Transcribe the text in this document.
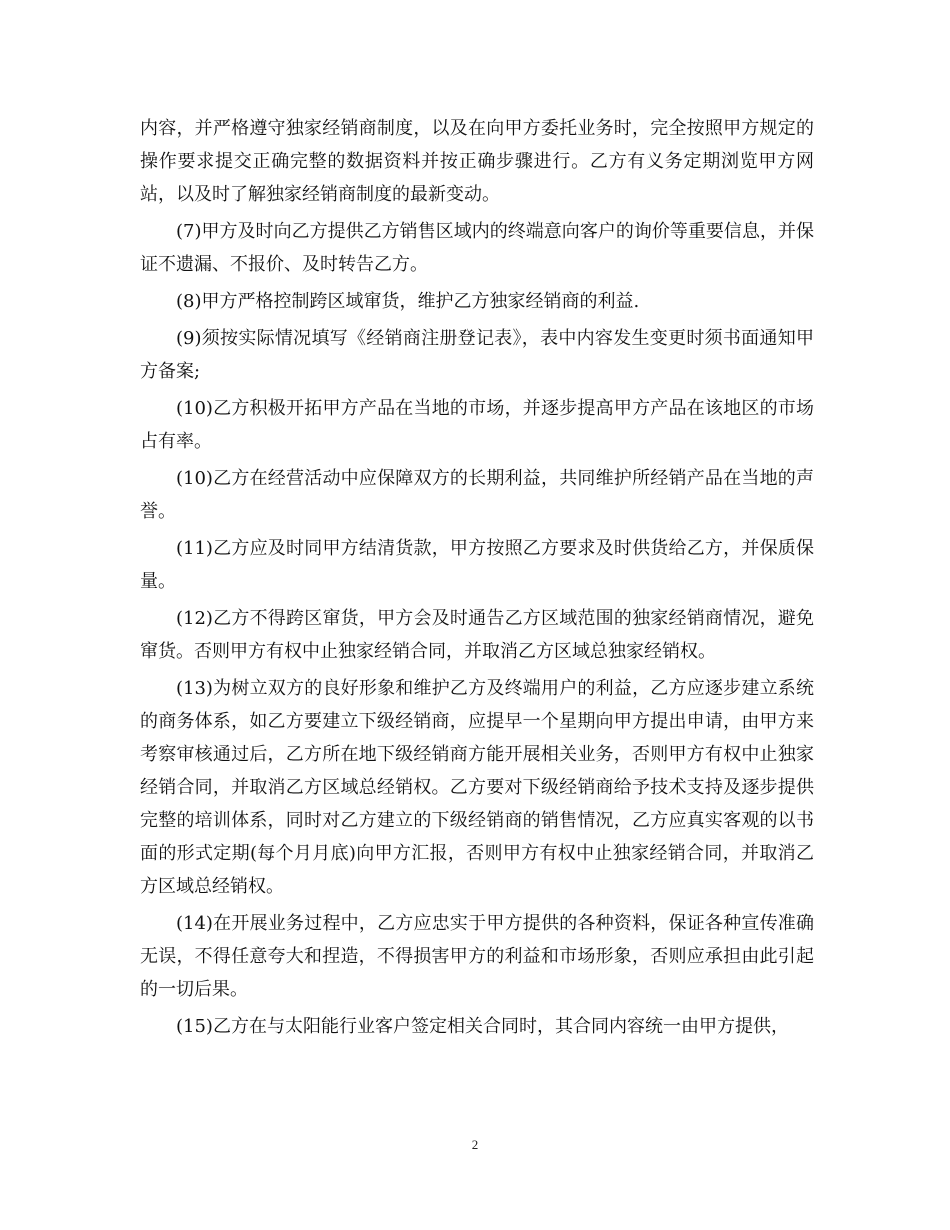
内容，并严格遵守独家经销商制度，以及在向甲方委托业务时，完全按照甲方规定的操作要求提交正确完整的数据资料并按正确步骤进行。乙方有义务定期浏览甲方网站，以及时了解独家经销商制度的最新变动。

(7)甲方及时向乙方提供乙方销售区域内的终端意向客户的询价等重要信息，并保证不遗漏、不报价、及时转告乙方。

(8)甲方严格控制跨区域窜货，维护乙方独家经销商的利益.

(9)须按实际情况填写《经销商注册登记表》，表中内容发生变更时须书面通知甲方备案;

(10)乙方积极开拓甲方产品在当地的市场，并逐步提高甲方产品在该地区的市场占有率。

(10)乙方在经营活动中应保障双方的长期利益，共同维护所经销产品在当地的声誉。

(11)乙方应及时同甲方结清货款，甲方按照乙方要求及时供货给乙方，并保质保量。

(12)乙方不得跨区窜货，甲方会及时通告乙方区域范围的独家经销商情况，避免窜货。否则甲方有权中止独家经销合同，并取消乙方区域总独家经销权。

(13)为树立双方的良好形象和维护乙方及终端用户的利益，乙方应逐步建立系统的商务体系，如乙方要建立下级经销商，应提早一个星期向甲方提出申请，由甲方来考察审核通过后，乙方所在地下级经销商方能开展相关业务，否则甲方有权中止独家经销合同，并取消乙方区域总经销权。乙方要对下级经销商给予技术支持及逐步提供完整的培训体系，同时对乙方建立的下级经销商的销售情况，乙方应真实客观的以书面的形式定期(每个月月底)向甲方汇报，否则甲方有权中止独家经销合同，并取消乙方区域总经销权。

(14)在开展业务过程中，乙方应忠实于甲方提供的各种资料，保证各种宣传准确无误，不得任意夸大和捏造，不得损害甲方的利益和市场形象，否则应承担由此引起的一切后果。

(15)乙方在与太阳能行业客户签定相关合同时，其合同内容统一由甲方提供，

2
